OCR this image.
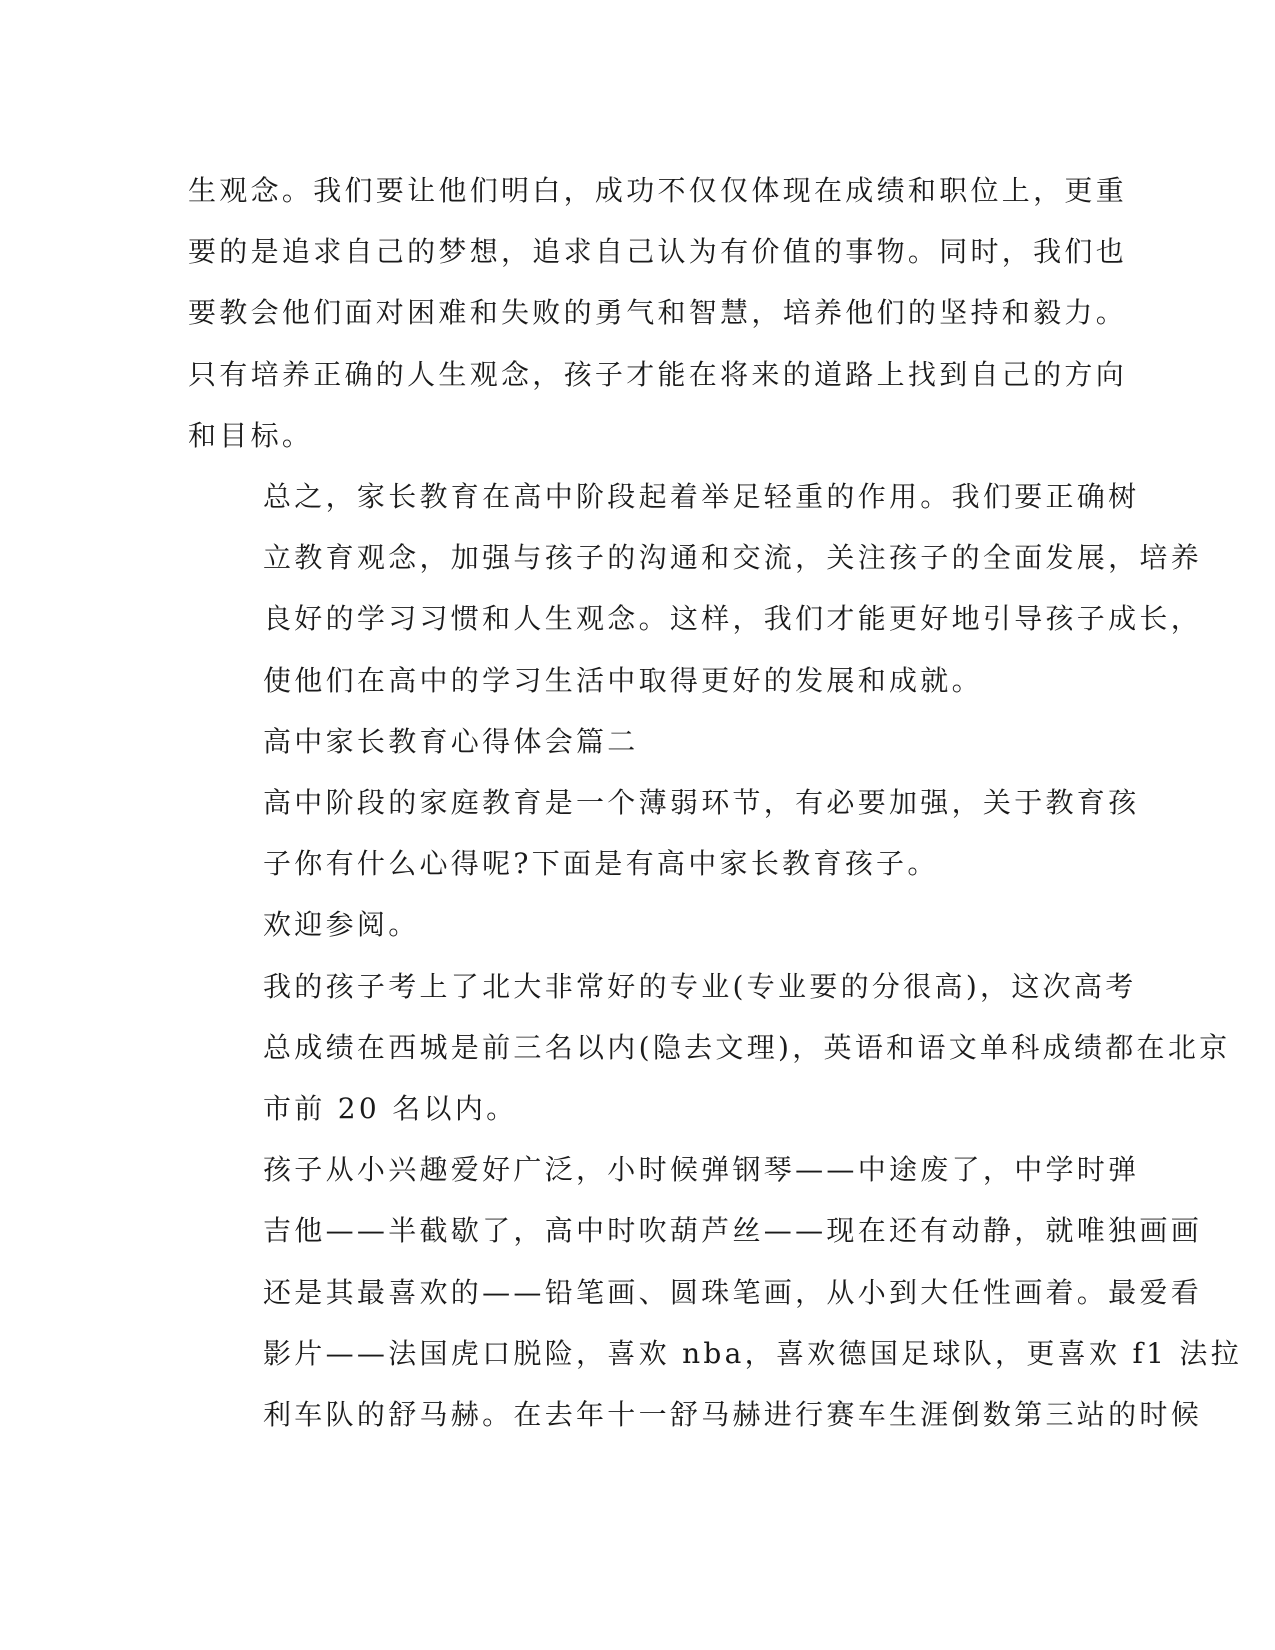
生观念。我们要让他们明白，成功不仅仅体现在成绩和职位上，更重
要的是追求自己的梦想，追求自己认为有价值的事物。同时，我们也
要教会他们面对困难和失败的勇气和智慧，培养他们的坚持和毅力。
只有培养正确的人生观念，孩子才能在将来的道路上找到自己的方向
和目标。

总之，家长教育在高中阶段起着举足轻重的作用。我们要正确树
立教育观念，加强与孩子的沟通和交流，关注孩子的全面发展，培养
良好的学习习惯和人生观念。这样，我们才能更好地引导孩子成长，
使他们在高中的学习生活中取得更好的发展和成就。

高中家长教育心得体会篇二

高中阶段的家庭教育是一个薄弱环节，有必要加强，关于教育孩
子你有什么心得呢?下面是有高中家长教育孩子。

欢迎参阅。

我的孩子考上了北大非常好的专业(专业要的分很高)，这次高考
总成绩在西城是前三名以内(隐去文理)，英语和语文单科成绩都在北京
市前 20 名以内。

孩子从小兴趣爱好广泛，小时候弹钢琴——中途废了，中学时弹
吉他——半截歇了，高中时吹葫芦丝——现在还有动静，就唯独画画
还是其最喜欢的——铅笔画、圆珠笔画，从小到大任性画着。最爱看
影片——法国虎口脱险，喜欢 nba，喜欢德国足球队，更喜欢 f1 法拉
利车队的舒马赫。在去年十一舒马赫进行赛车生涯倒数第三站的时候
